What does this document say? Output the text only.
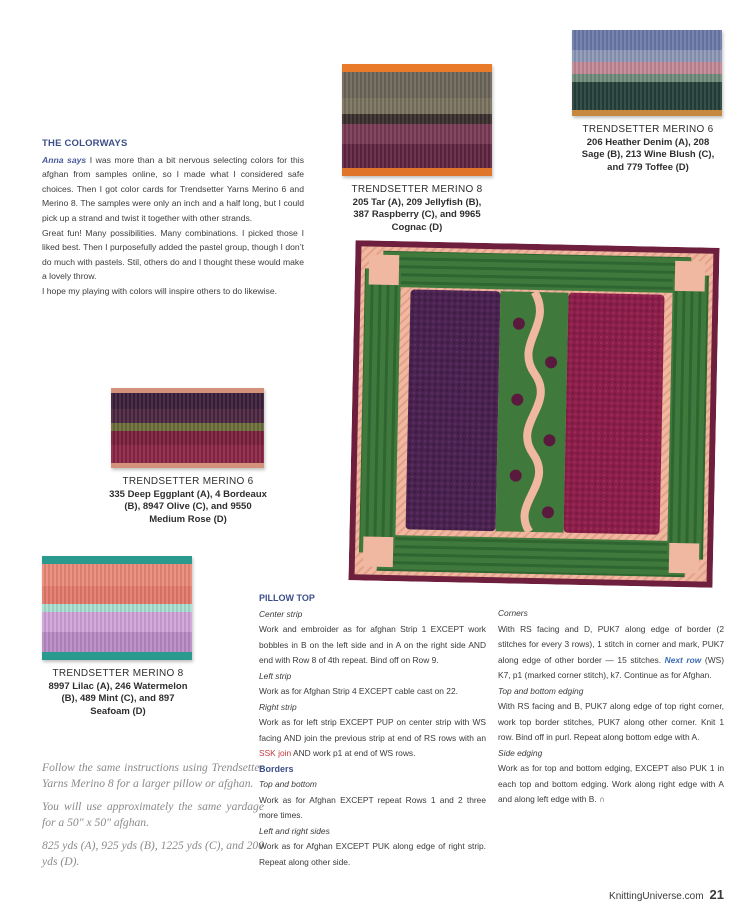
TRENDSETTER MERINO 8
205 Tar (A), 209 Jellyfish (B), 387 Raspberry (C), and 9965 Cognac (D)
TRENDSETTER MERINO 6
206 Heather Denim (A), 208 Sage (B), 213 Wine Blush (C), and 779 Toffee (D)
THE COLORWAYS

Anna says I was more than a bit nervous selecting colors for this afghan from samples online, so I made what I considered safe choices. Then I got color cards for Trendsetter Yarns Merino 6 and Merino 8. The samples were only an inch and a half long, but I could pick up a strand and twist it together with other strands.

Great fun! Many possibilities. Many combinations. I picked those I liked best. Then I purposefully added the pastel group, though I don’t do much with pastels. Stil, others do and I thought these would make a lovely throw.

I hope my playing with colors will inspire others to do likewise.

TRENDSETTER MERINO 6
335 Deep Eggplant (A), 4 Bordeaux (B), 8947 Olive (C), and 9550 Medium Rose (D)
TRENDSETTER MERINO 8
8997 Lilac (A), 246 Watermelon (B), 489 Mint (C), and 897 Seafoam (D)

Follow the same instructions using Trendsetter Yarns Merino 8 for a larger pillow or afghan.

You will use approximately the same yardage for a 50" x 50" afghan.

825 yds (A), 925 yds (B), 1225 yds (C), and 200 yds (D).

PILLOW TOP
Center strip

Work and embroider as for afghan Strip 1 EXCEPT work bobbles in B on the left side and in A on the right side AND end with Row 8 of 4th repeat. Bind off on Row 9.

Left strip

Work as for Afghan Strip 4 EXCEPT cable cast on 22.

Right strip

Work as for left strip EXCEPT PUP on center strip with WS facing AND join the previous strip at end of RS rows with an SSK join AND work p1 at end of WS rows.

Borders
Top and bottom

Work as for Afghan EXCEPT repeat Rows 1 and 2 three more times.

Left and right sides

Work as for Afghan EXCEPT PUK along edge of right strip. Repeat along other side.

Corners

With RS facing and D, PUK7 along edge of border (2 stitches for every 3 rows), 1 stitch in corner and mark, PUK7 along edge of other border — 15 stitches. Next row (WS) K7, p1 (marked corner stitch), k7. Continue as for Afghan.

Top and bottom edging

With RS facing and B, PUK7 along edge of top right corner, work top border stitches, PUK7 along other corner. Knit 1 row. Bind off in purl. Repeat along bottom edge with A.

Side edging

Work as for top and bottom edging, EXCEPT also PUK 1 in each top and bottom edging. Work along right edge with A and along left edge with B. ∩

KnittingUniverse.com 21
